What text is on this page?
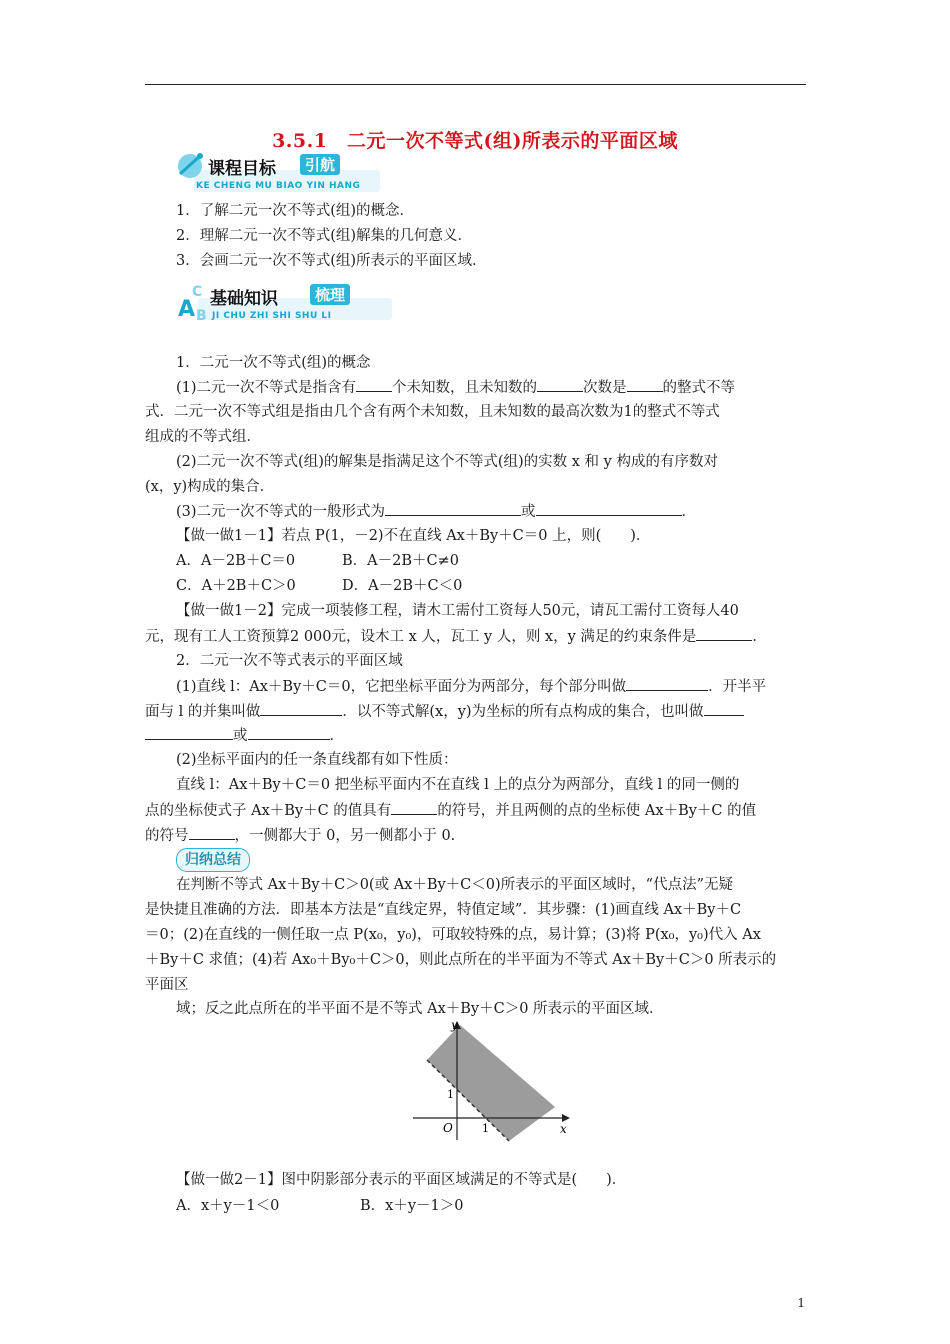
3.5.1　二元一次不等式(组)所表示的平面区域
课程目标	引航
KE CHENG MU BIAO YIN HANG
1．了解二元一次不等式(组)的概念．
2．理解二元一次不等式(组)解集的几何意义．
3．会画二元一次不等式(组)所表示的平面区域．
A
C
B
基础知识	梳理
JI CHU ZHI SHI SHU LI
1．二元一次不等式(组)的概念
(1)二元一次不等式是指含有 个未知数，且未知数的	次数是 的整式不等
式．二元一次不等式组是指由几个含有两个未知数，且未知数的最高次数为1的整式不等式
组成的不等式组．
(2)二元一次不等式(组)的解集是指满足这个不等式(组)的实数 x 和 y 构成的有序数对
(x，y)构成的集合．
(3)二元一次不等式的一般形式为	或	．
【做一做1－1】若点 P(1，－2)不在直线 Ax＋By＋C＝0 上，则(　　)．
A．A－2B＋C＝0	B．A－2B＋C≠0
C．A＋2B＋C＞0	D．A－2B＋C＜0
【做一做1－2】完成一项装修工程，请木工需付工资每人50元，请瓦工需付工资每人40
元，现有工人工资预算2 000元，设木工 x 人，瓦工 y 人，则 x，y 满足的约束条件是	．
2．二元一次不等式表示的平面区域
(1)直线 l：Ax＋By＋C＝0，它把坐标平面分为两部分，每个部分叫做	．开半平
面与 l 的并集叫做	．以不等式解(x，y)为坐标的所有点构成的集合，也叫做
或	．
(2)坐标平面内的任一条直线都有如下性质：
直线 l：Ax＋By＋C＝0 把坐标平面内不在直线 l 上的点分为两部分，直线 l 的同一侧的
点的坐标使式子 Ax＋By＋C 的值具有	的符号，并且两侧的点的坐标使 Ax＋By＋C 的值
的符号	，一侧都大于 0，另一侧都小于 0.
归纳总结
在判断不等式 Ax＋By＋C＞0(或 Ax＋By＋C＜0)所表示的平面区域时，“代点法”无疑
是快捷且准确的方法．即基本方法是“直线定界，特值定域”．其步骤：(1)画直线 Ax＋By＋C
＝0；(2)在直线的一侧任取一点 P(x₀，y₀)，可取较特殊的点，易计算；(3)将 P(x₀，y₀)代入 Ax
＋By＋C 求值；(4)若 Ax₀＋By₀＋C＞0，则此点所在的半平面为不等式 Ax＋By＋C＞0 所表示的
平面区
域；反之此点所在的半平面不是不等式 Ax＋By＋C＞0 所表示的平面区域．
y
x
O	1
1
【做一做2－1】图中阴影部分表示的平面区域满足的不等式是(　　)．
A．x＋y－1＜0	B．x＋y－1＞0
1
